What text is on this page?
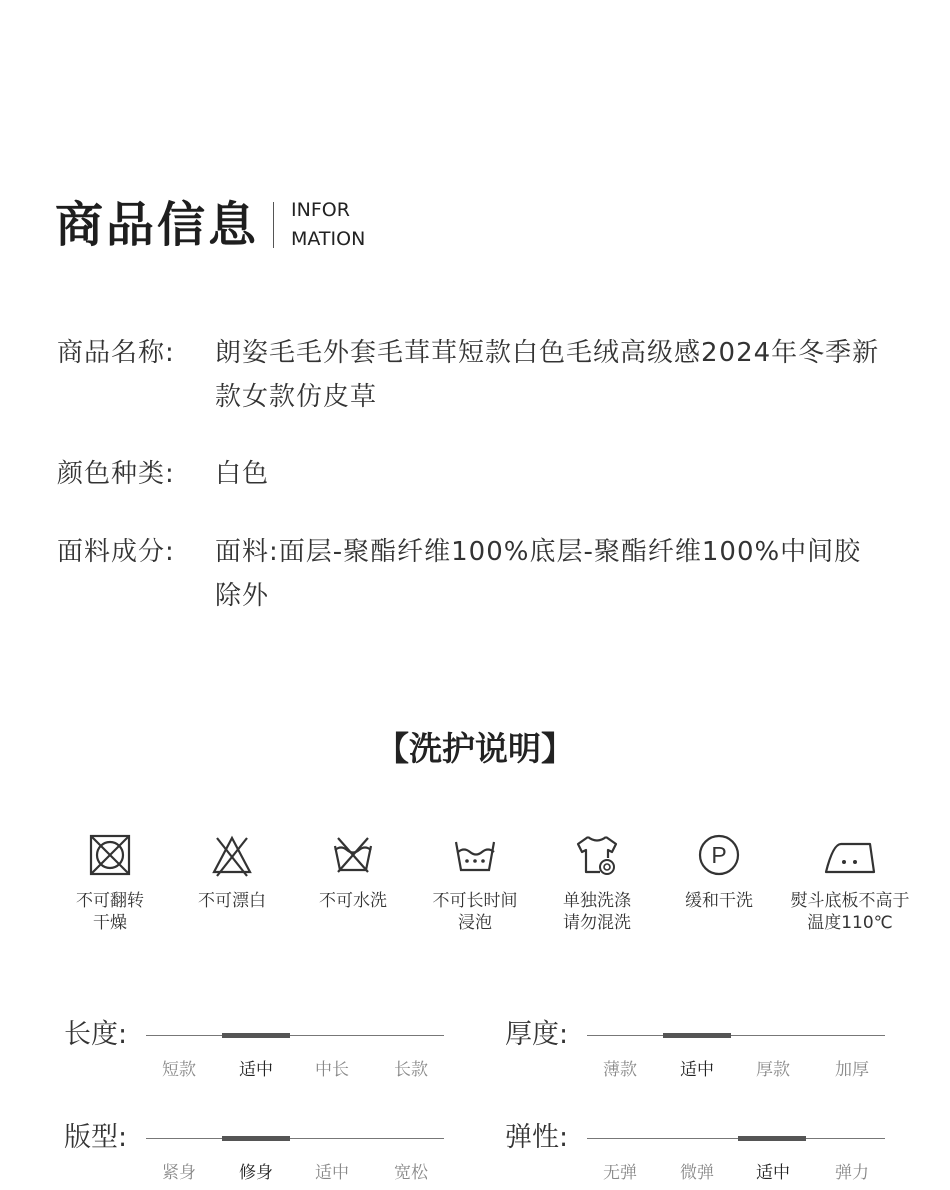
商品信息 INFOR
MATION
商品名称:	朗姿毛毛外套毛茸茸短款白色毛绒高级感2024年冬季新款女款仿皮草
颜色种类:	白色
面料成分:	面料:面层-聚酯纤维100%底层-聚酯纤维100%中间胶除外
【洗护说明】
不可翻转
干燥
不可漂白	不可水洗	不可长时间
浸泡
单独洗涤
请勿混洗
P
缓和干洗	熨斗底板不高于
温度110℃
长度:
短款	适中	中长	长款
厚度:
薄款	适中	厚款	加厚
版型:
紧身	修身	适中	宽松
弹性:
无弹	微弹	适中	弹力
